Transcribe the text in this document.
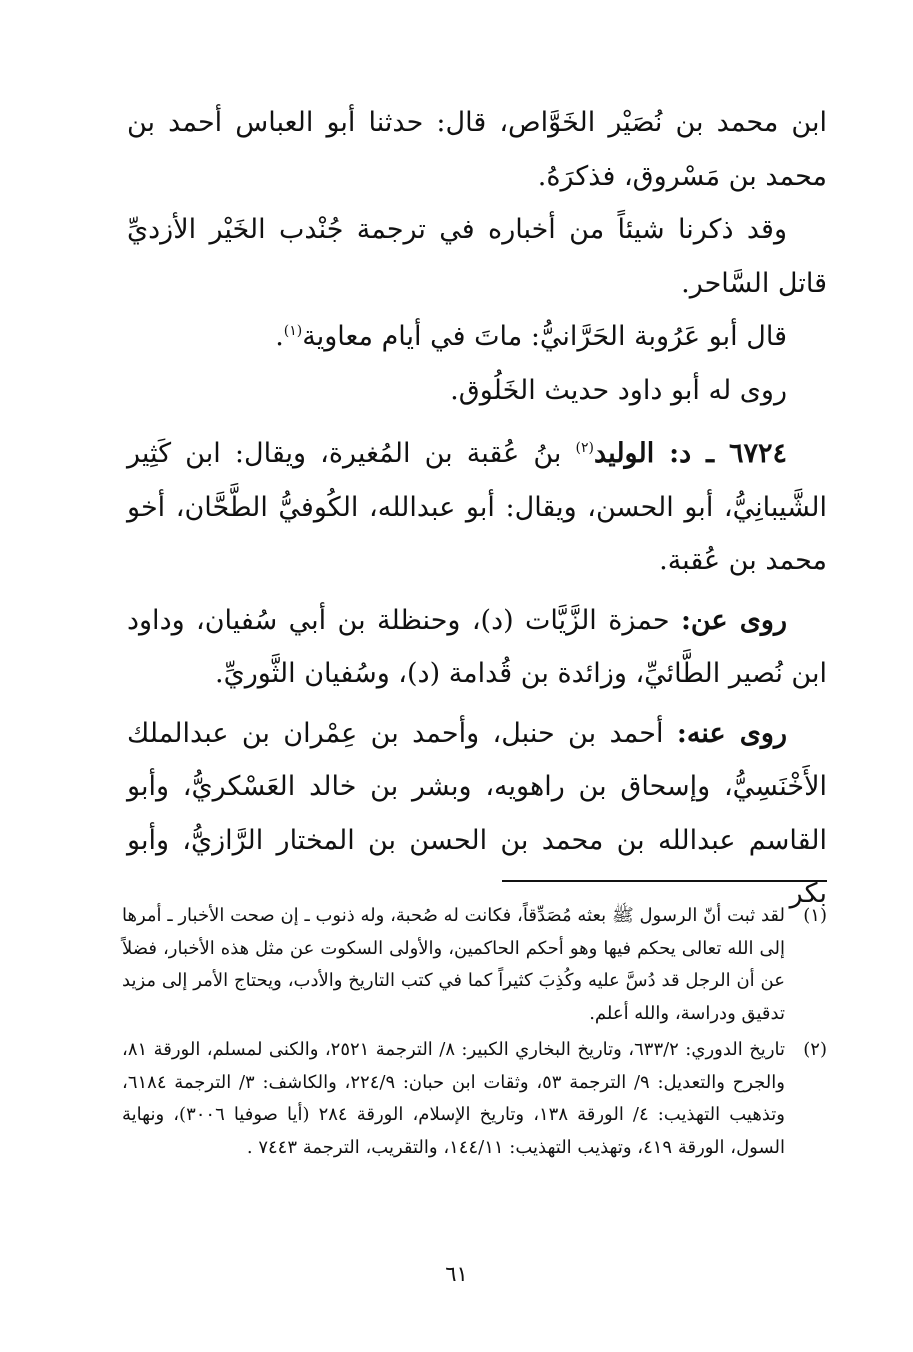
ابن محمد بن نُصَيْر الخَوَّاص، قال: حدثنا أبو العباس أحمد بن محمد بن مَسْروق، فذكرَهُ.

وقد ذكرنا شيئاً من أخباره في ترجمة جُنْدب الخَيْر الأزديِّ قاتل السَّاحر.

قال أبو عَرُوبة الحَرَّانيُّ: ماتَ في أيام معاوية$^{(١)}$.

روى له أبو داود حديث الخَلُوق.

٦٧٢٤ ـ د: الوليد$^{(٢)}$ بنُ عُقبة بن المُغيرة، ويقال: ابن كَثِير الشَّيبانِيُّ، أبو الحسن، ويقال: أبو عبدالله، الكُوفيُّ الطَّحَّان، أخو محمد بن عُقبة.

روى عن: حمزة الزَّيَّات (د)، وحنظلة بن أبي سُفيان، وداود ابن نُصير الطَّائيِّ، وزائدة بن قُدامة (د)، وسُفيان الثَّوريِّ.

روى عنه: أحمد بن حنبل، وأحمد بن عِمْران بن عبدالملك الأَخْنَسِيُّ، وإسحاق بن راهويه، وبشر بن خالد العَسْكريُّ، وأبو القاسم عبدالله بن محمد بن الحسن بن المختار الرَّازيُّ، وأبو بكر

(١)
لقد ثبت أنّ الرسول ﷺ بعثه مُصَدِّقاً، فكانت له صُحبة، وله ذنوب ـ إن صحت الأخبار ـ أمرها إلى الله تعالى يحكم فيها وهو أحكم الحاكمين، والأولى السكوت عن مثل هذه الأخبار، فضلاً عن أن الرجل قد دُسَّ عليه وكُذِبَ كثيراً كما في كتب التاريخ والأدب، ويحتاج الأمر إلى مزيد تدقيق ودراسة، والله أعلم.
(٢)
تاريخ الدوري: ٦٣٣/٢، وتاريخ البخاري الكبير: ٨/ الترجمة ٢٥٢١، والكنى لمسلم، الورقة ٨١، والجرح والتعديل: ٩/ الترجمة ٥٣، وثقات ابن حبان: ٢٢٤/٩، والكاشف: ٣/ الترجمة ٦١٨٤، وتذهيب التهذيب: ٤/ الورقة ١٣٨، وتاريخ الإسلام، الورقة ٢٨٤ (أيا صوفيا ٣٠٠٦)، ونهاية السول، الورقة ٤١٩، وتهذيب التهذيب: ١٤٤/١١، والتقريب، الترجمة ٧٤٤٣ .
٦١
